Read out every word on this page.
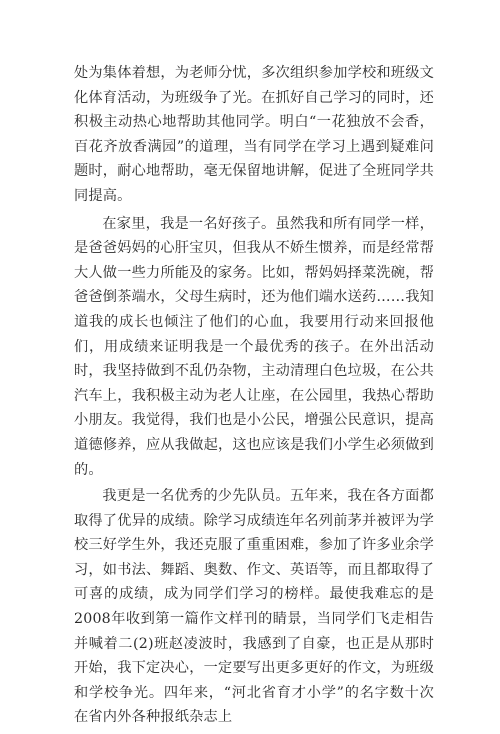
处为集体着想，为老师分忧，多次组织参加学校和班级文化体育活动，为班级争了光。在抓好自己学习的同时，还积极主动热心地帮助其他同学。明白“一花独放不会香，百花齐放香满园”的道理，当有同学在学习上遇到疑难问题时，耐心地帮助，毫无保留地讲解，促进了全班同学共同提高。

在家里，我是一名好孩子。虽然我和所有同学一样，是爸爸妈妈的心肝宝贝，但我从不娇生惯养，而是经常帮大人做一些力所能及的家务。比如，帮妈妈择菜洗碗，帮爸爸倒茶端水，父母生病时，还为他们端水送药……我知道我的成长也倾注了他们的心血，我要用行动来回报他们，用成绩来证明我是一个最优秀的孩子。在外出活动时，我坚持做到不乱仍杂物，主动清理白色垃圾，在公共汽车上，我积极主动为老人让座，在公园里，我热心帮助小朋友。我觉得，我们也是小公民，增强公民意识，提高道德修养，应从我做起，这也应该是我们小学生必须做到的。

我更是一名优秀的少先队员。五年来，我在各方面都取得了优异的成绩。除学习成绩连年名列前茅并被评为学校三好学生外，我还克服了重重困难，参加了许多业余学习，如书法、舞蹈、奥数、作文、英语等，而且都取得了可喜的成绩，成为同学们学习的榜样。最使我难忘的是2008年收到第一篇作文样刊的睛景，当同学们飞走相告并喊着二(2)班赵凌波时，我感到了自豪，也正是从那时开始，我下定决心，一定要写出更多更好的作文，为班级和学校争光。四年来，“河北省育才小学”的名字数十次在省内外各种报纸杂志上
